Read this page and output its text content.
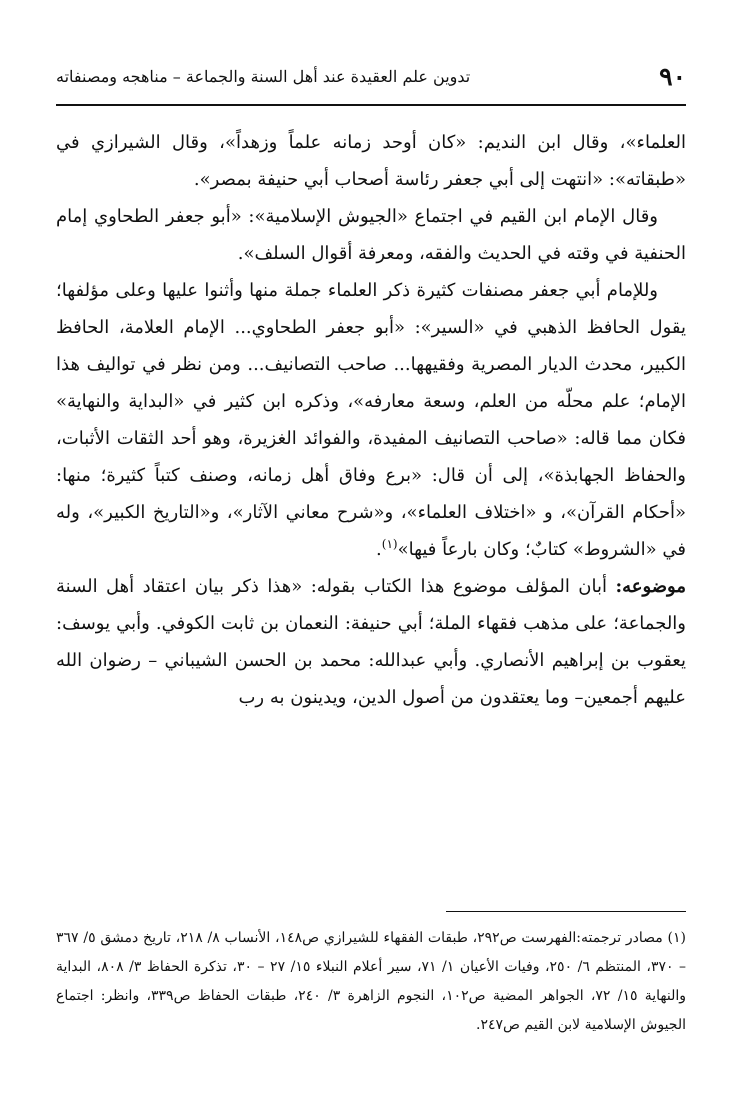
٩٠
تدوين علم العقيدة عند أهل السنة والجماعة – مناهجه ومصنفاته

العلماء»، وقال ابن النديم: «كان أوحد زمانه علماً وزهداً»، وقال الشيرازي في «طبقاته»: «انتهت إلى أبي جعفر رئاسة أصحاب أبي حنيفة بمصر».

وقال الإمام ابن القيم في اجتماع «الجيوش الإسلامية»: «أبو جعفر الطحاوي إمام الحنفية في وقته في الحديث والفقه، ومعرفة أقوال السلف».

وللإمام أبي جعفر مصنفات كثيرة ذكر العلماء جملة منها وأثنوا عليها وعلى مؤلفها؛ يقول الحافظ الذهبي في «السير»: «أبو جعفر الطحاوي... الإمام العلامة، الحافظ الكبير، محدث الديار المصرية وفقيهها... صاحب التصانيف... ومن نظر في تواليف هذا الإمام؛ علم محلّه من العلم، وسعة معارفه»، وذكره ابن كثير في «البداية والنهاية» فكان مما قاله: «صاحب التصانيف المفيدة، والفوائد الغزيرة، وهو أحد الثقات الأثبات، والحفاظ الجهابذة»، إلى أن قال: «برع وفاق أهل زمانه، وصنف كتباً كثيرة؛ منها: «أحكام القرآن»، و «اختلاف العلماء»، و«شرح معاني الآثار»، و«التاريخ الكبير»، وله في «الشروط» كتابٌ؛ وكان بارعاً فيها»$^{(١)}$.

موضوعه: أبان المؤلف موضوع هذا الكتاب بقوله: «هذا ذكر بيان اعتقاد أهل السنة والجماعة؛ على مذهب فقهاء الملة؛ أبي حنيفة: النعمان بن ثابت الكوفي. وأبي يوسف: يعقوب بن إبراهيم الأنصاري. وأبي عبدالله: محمد بن الحسن الشيباني – رضوان الله عليهم أجمعين– وما يعتقدون من أصول الدين، ويدينون به رب

(١) مصادر ترجمته:الفهرست ص٢٩٢، طبقات الفقهاء للشيرازي ص١٤٨، الأنساب ٨/ ٢١٨، تاريخ دمشق ٥/ ٣٦٧ – ٣٧٠، المنتظم ٦/ ٢٥٠، وفيات الأعيان ١/ ٧١، سير أعلام النبلاء ١٥/ ٢٧ – ٣٠، تذكرة الحفاظ ٣/ ٨٠٨، البداية والنهاية ١٥/ ٧٢، الجواهر المضية ص١٠٢، النجوم الزاهرة ٣/ ٢٤٠، طبقات الحفاظ ص٣٣٩، وانظر: اجتماع الجيوش الإسلامية لابن القيم ص٢٤٧.
